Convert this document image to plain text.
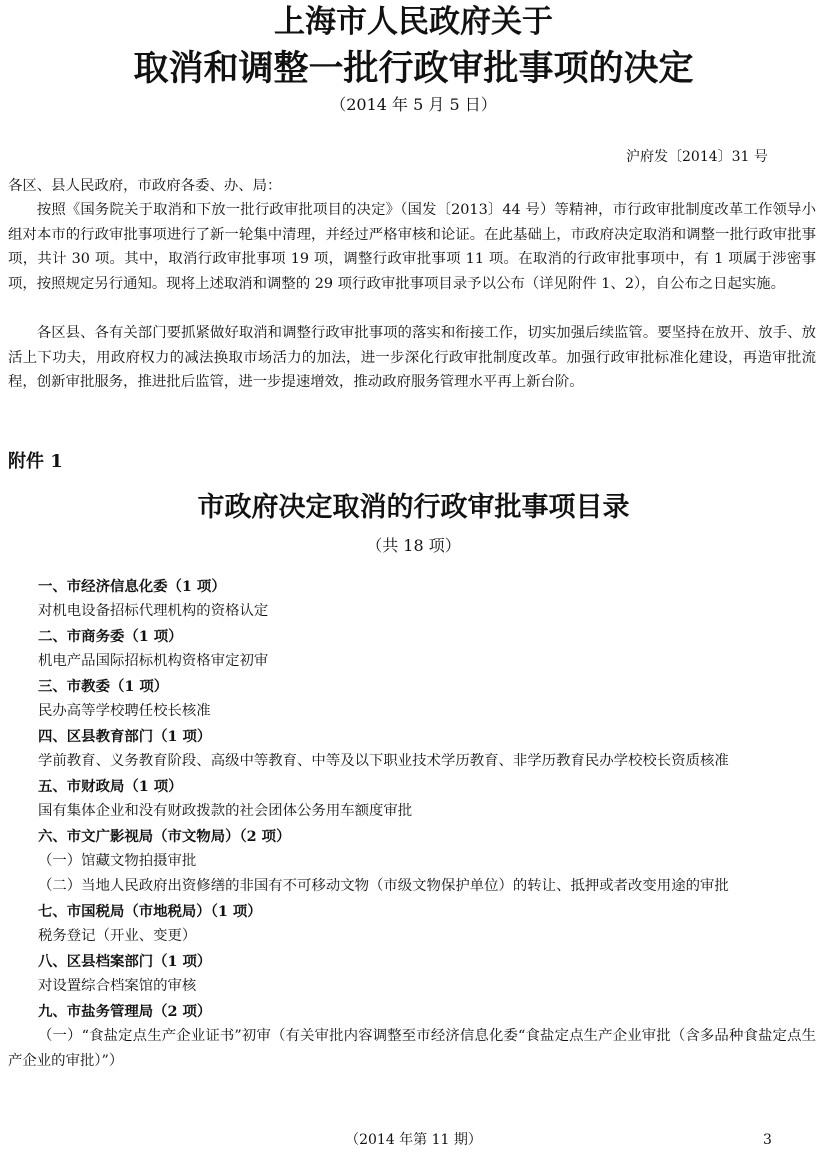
上海市人民政府关于
取消和调整一批行政审批事项的决定
（2014 年 5 月 5 日）
沪府发〔2014〕31 号
各区、县人民政府，市政府各委、办、局：

按照《国务院关于取消和下放一批行政审批项目的决定》（国发〔2013〕44 号）等精神，市行政审批制度改革工作领导小组对本市的行政审批事项进行了新一轮集中清理，并经过严格审核和论证。在此基础上，市政府决定取消和调整一批行政审批事项，共计 30 项。其中，取消行政审批事项 19 项，调整行政审批事项 11 项。在取消的行政审批事项中，有 1 项属于涉密事项，按照规定另行通知。现将上述取消和调整的 29 项行政审批事项目录予以公布（详见附件 1、2），自公布之日起实施。

各区县、各有关部门要抓紧做好取消和调整行政审批事项的落实和衔接工作，切实加强后续监管。要坚持在放开、放手、放活上下功夫，用政府权力的减法换取市场活力的加法，进一步深化行政审批制度改革。加强行政审批标准化建设，再造审批流程，创新审批服务，推进批后监管，进一步提速增效，推动政府服务管理水平再上新台阶。

附件 1
市政府决定取消的行政审批事项目录
（共 18 项）

一、市经济信息化委（1 项）

对机电设备招标代理机构的资格认定

二、市商务委（1 项）

机电产品国际招标机构资格审定初审

三、市教委（1 项）

民办高等学校聘任校长核准

四、区县教育部门（1 项）

学前教育、义务教育阶段、高级中等教育、中等及以下职业技术学历教育、非学历教育民办学校校长资质核准

五、市财政局（1 项）

国有集体企业和没有财政拨款的社会团体公务用车额度审批

六、市文广影视局（市文物局）（2 项）

（一）馆藏文物拍摄审批

（二）当地人民政府出资修缮的非国有不可移动文物（市级文物保护单位）的转让、抵押或者改变用途的审批

七、市国税局（市地税局）（1 项）

税务登记（开业、变更）

八、区县档案部门（1 项）

对设置综合档案馆的审核

九、市盐务管理局（2 项）

（一）“食盐定点生产企业证书”初审（有关审批内容调整至市经济信息化委“食盐定点生产企业审批（含多品种食盐定点生产企业的审批）”）

（2014 年第 11 期）	3
